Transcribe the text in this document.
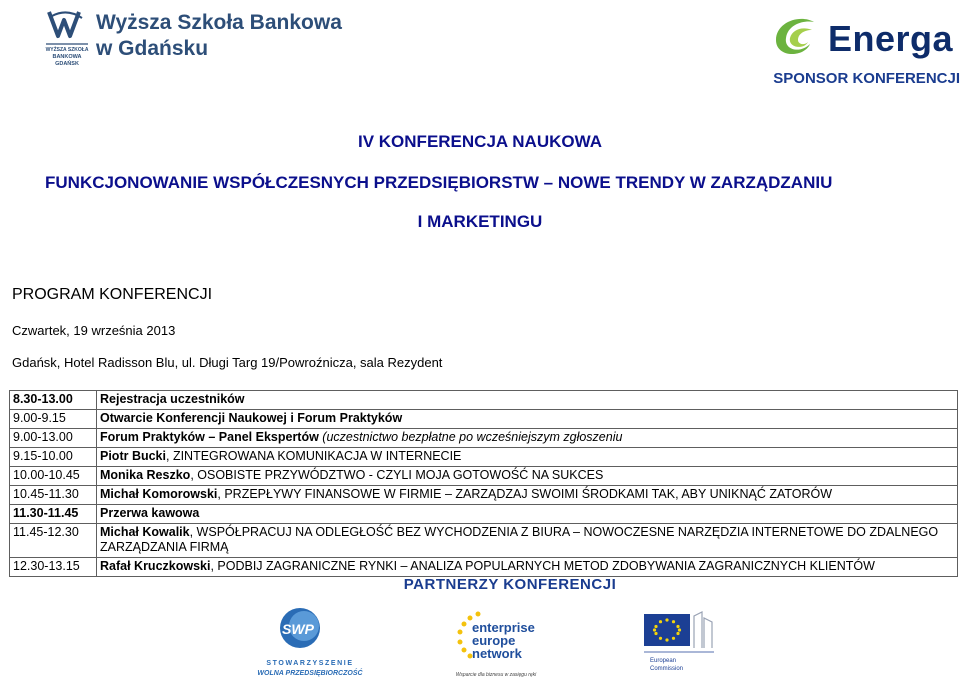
WYŻSZA SZKOŁA
BANKOWA
GDAŃSK
Wyższa Szkoła Bankowa
w Gdańsku	Energa
SPONSOR KONFERENCJI
IV KONFERENCJA NAUKOWA
FUNKCJONOWANIE WSPÓŁCZESNYCH PRZEDSIĘBIORSTW – NOWE TRENDY W ZARZĄDZANIU
I MARKETINGU
PROGRAM KONFERENCJI
Czwartek, 19 września 2013
Gdańsk, Hotel Radisson Blu, ul. Długi Targ 19/Powroźnicza, sala Rezydent
8.30-13.00	Rejestracja uczestników
9.00-9.15	Otwarcie Konferencji Naukowej i Forum Praktyków
9.00-13.00	Forum Praktyków – Panel Ekspertów (uczestnictwo bezpłatne po wcześniejszym zgłoszeniu
9.15-10.00	Piotr Bucki, ZINTEGROWANA KOMUNIKACJA W INTERNECIE
10.00-10.45	Monika Reszko, OSOBISTE PRZYWÓDZTWO - CZYLI MOJA GOTOWOŚĆ NA SUKCES
10.45-11.30	Michał Komorowski, PRZEPŁYWY FINANSOWE W FIRMIE – ZARZĄDZAJ SWOIMI ŚRODKAMI TAK, ABY UNIKNĄĆ ZATORÓW
11.30-11.45	Przerwa kawowa
11.45-12.30	Michał Kowalik, WSPÓŁPRACUJ NA ODLEGŁOŚĆ BEZ WYCHODZENIA Z BIURA – NOWOCZESNE NARZĘDZIA INTERNETOWE DO ZDALNEGO ZARZĄDZANIA FIRMĄ
12.30-13.15	Rafał Kruczkowski, PODBIJ ZAGRANICZNE RYNKI – ANALIZA POPULARNYCH METOD ZDOBYWANIA ZAGRANICZNYCH KLIENTÓW
PARTNERZY KONFERENCJI
SWP
STOWARZYSZENIE
WOLNA PRZEDSIĘBIORCZOŚĆ
enterprise
europe
network
Wsparcie dla biznesu w zasięgu ręki
European
Commission
